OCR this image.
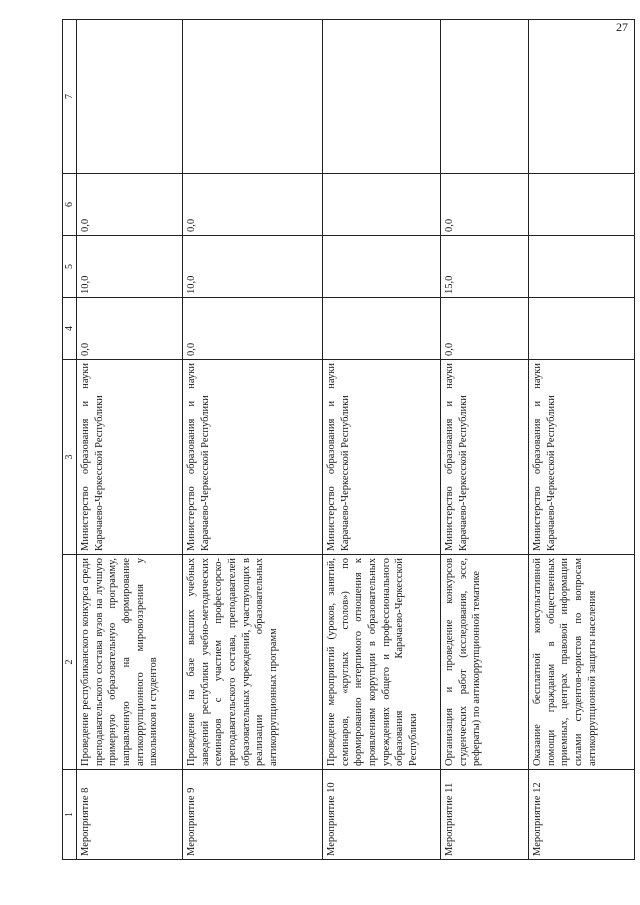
27
1	2	3	4	5	6	7
Мероприятие 8	Проведение республиканского конкурса среди преподавательского состава вузов на лучшую примерную образовательную программу, направленную на формирование антикоррупционного мировоззрения у школьников и студентов	Министерство образования и науки Карачаево-Черкесской Республики	0,0	10,0	0,0	
Мероприятие 9	Проведение на базе высших учебных заведений республики учебно-методических семинаров с участием профессорско-преподавательского состава, преподавателей образовательных учреждений, участвующих в реализации образовательных антикоррупционных программ	Министерство образования и науки Карачаево-Черкесской Республики	0,0	10,0	0,0	
Мероприятие 10	Проведение мероприятий (уроков, занятий, семинаров, «круглых столов») по формированию нетерпимого отношения к проявлениям коррупции в образовательных учреждениях общего и профессионального образования Карачаево-Черкесской Республики	Министерство образования и науки Карачаево-Черкесской Республики				
Мероприятие 11	Организация и проведение конкурсов студенческих работ (исследования, эссе, рефераты) по антикоррупционной тематике	Министерство образования и науки Карачаево-Черкесской Республики	0,0	15,0	0,0	
Мероприятие 12	Оказание бесплатной консультативной помощи гражданам в общественных приемных, центрах правовой информации силами студентов-юристов по вопросам антикоррупционной защиты населения	Министерство образования и науки Карачаево-Черкесской Республики				
